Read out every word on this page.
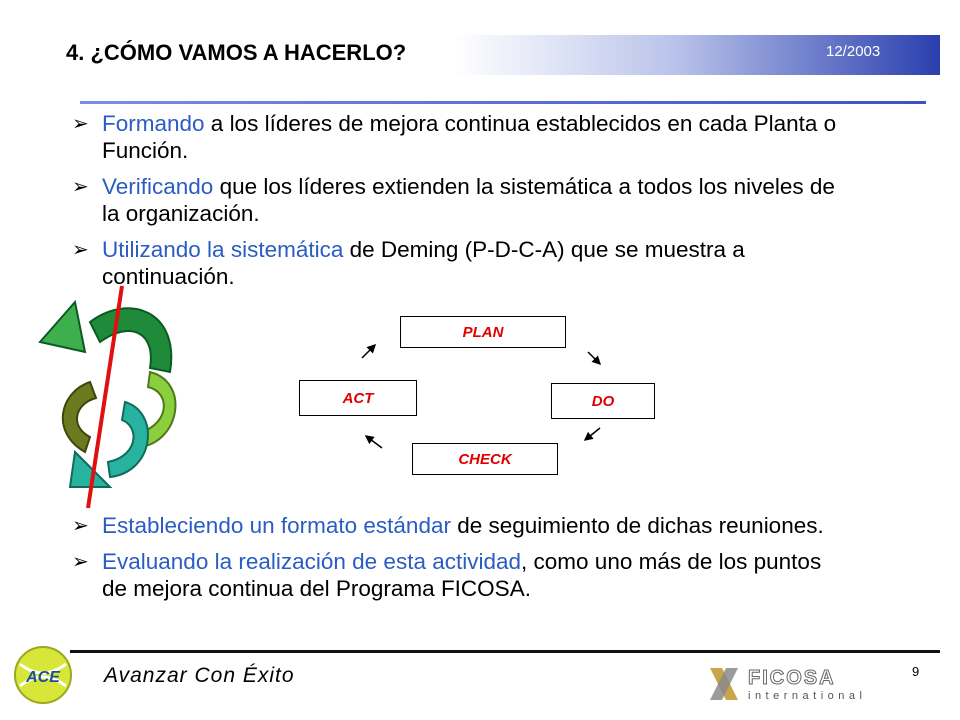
4. ¿CÓMO VAMOS A HACERLO?	12/2003
➢ Formando a los líderes de mejora continua establecidos en cada Planta o Función.
➢ Verificando que los líderes extienden la sistemática a todos los niveles de la organización.
➢ Utilizando la sistemática de Deming (P-D-C-A) que se muestra a continuación.
PLAN
DO
CHECK
ACT
➢ Estableciendo un formato estándar de seguimiento de dichas reuniones.
➢ Evaluando la realización de esta actividad, como uno más de los puntos de mejora continua del Programa FICOSA.
ACE Avanzar Con Éxito	9
FICOSA
international
